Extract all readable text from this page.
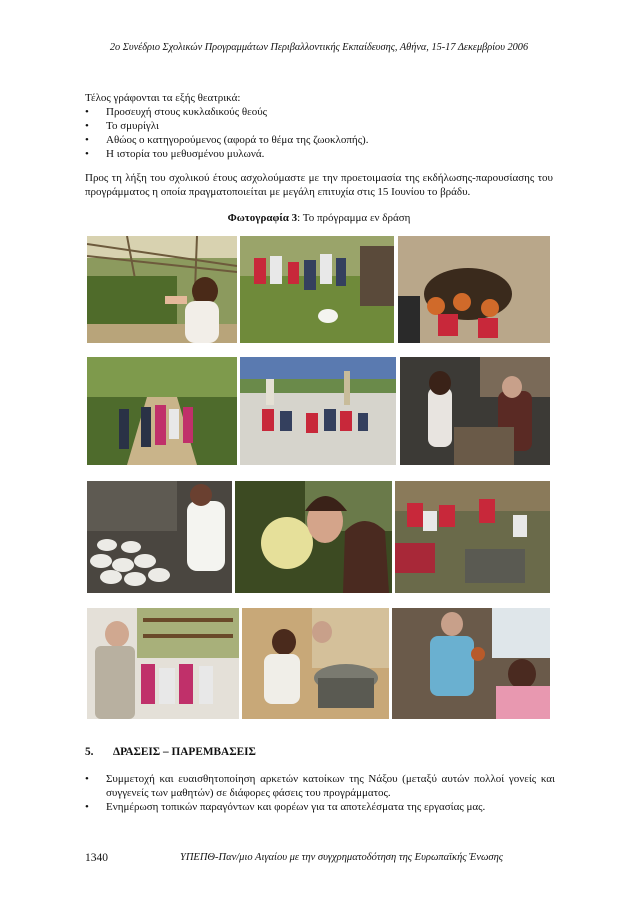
2ο Συνέδριο Σχολικών Προγραμμάτων Περιβαλλοντικής Εκπαίδευσης, Αθήνα, 15-17 Δεκεμβρίου 2006
Τέλος γράφονται τα εξής θεατρικά:
• Προσευχή στους κυκλαδικούς θεούς
• Το σμυρίγλι
• Αθώος ο κατηγορούμενος (αφορά το θέμα της ζωοκλοπής).
• Η ιστορία του μεθυσμένου μυλωνά.
Προς τη λήξη του σχολικού έτους ασχολούμαστε με την προετοιμασία της εκδήλωσης-παρουσίασης του προγράμματος η οποία πραγματοποιείται με μεγάλη επιτυχία στις 15 Ιουνίου το βράδυ.
Φωτογραφία 3: Το πρόγραμμα εν δράση
5. ΔΡΑΣΕΙΣ – ΠΑΡΕΜΒΑΣΕΙΣ
• Συμμετοχή και ευαισθητοποίηση αρκετών κατοίκων της Νάξου (μεταξύ αυτών πολλοί γονείς και συγγενείς των μαθητών) σε διάφορες φάσεις του προγράμματος.
• Ενημέρωση τοπικών παραγόντων και φορέων για τα αποτελέσματα της εργασίας μας.
1340	ΥΠΕΠΘ-Παν/μιο Αιγαίου με την συγχρηματοδότηση της Ευρωπαϊκής Ένωσης
